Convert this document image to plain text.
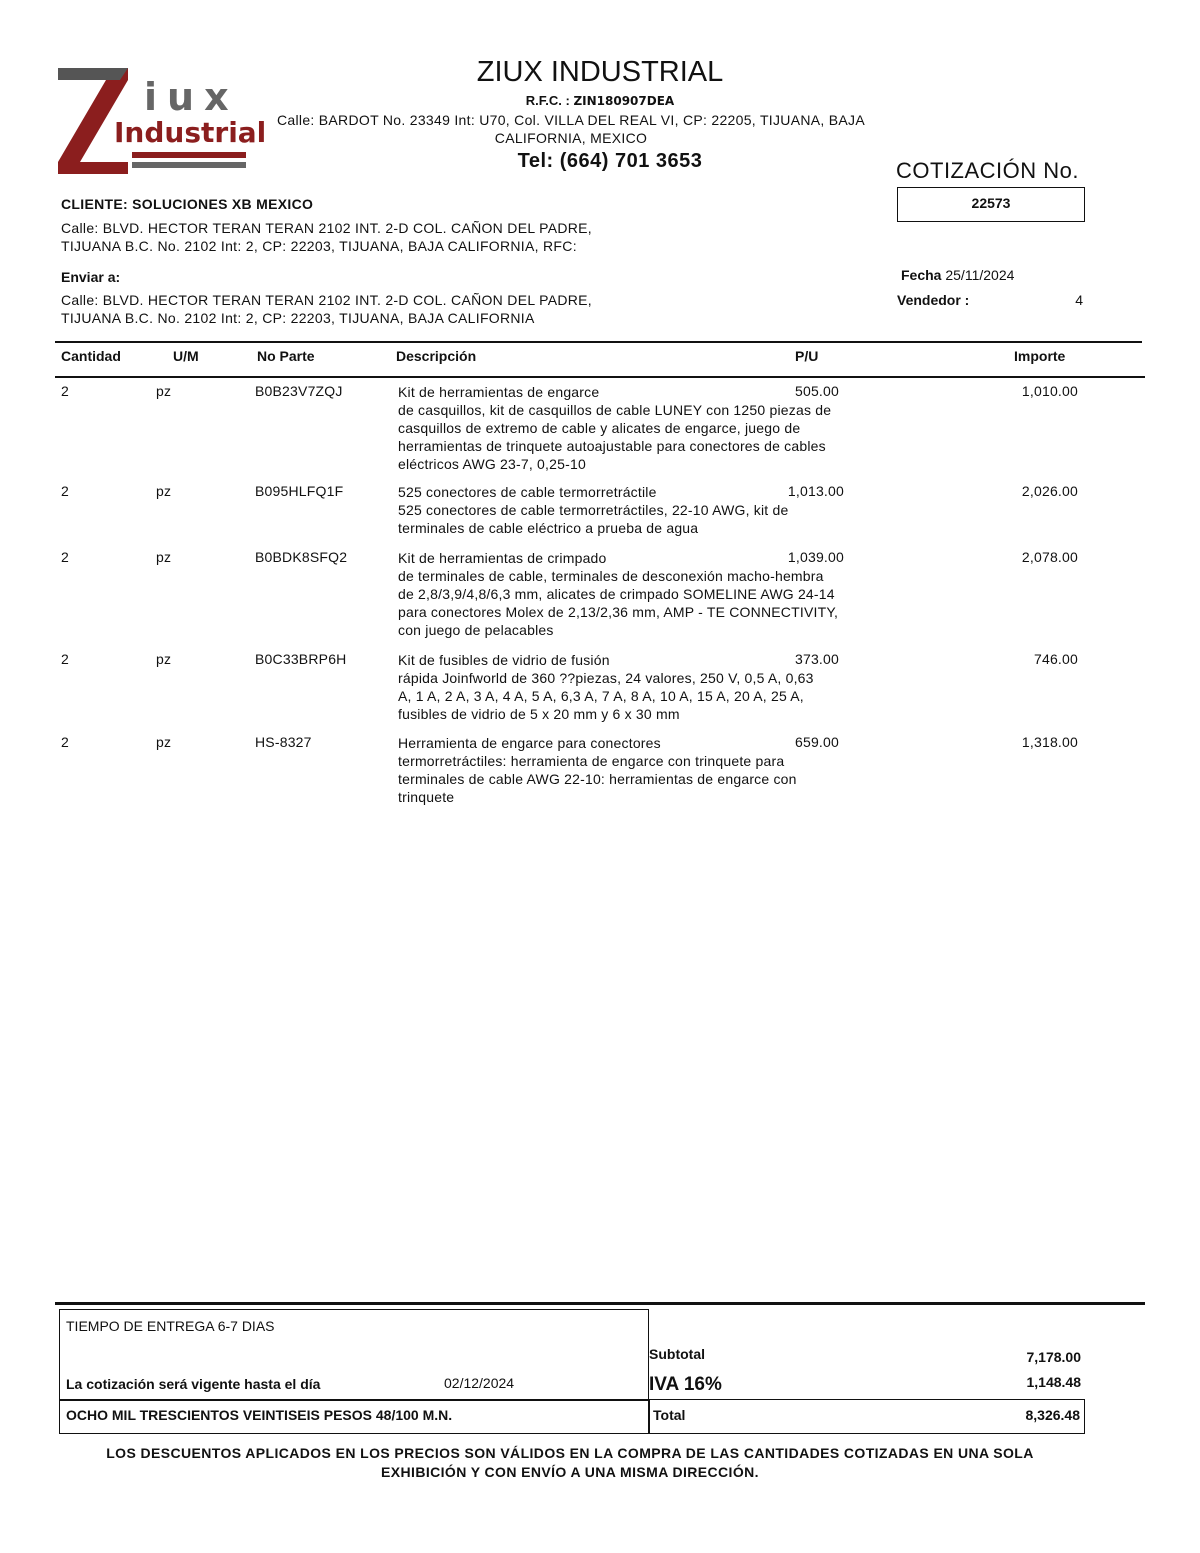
iux
Industrial
ZIUX INDUSTRIAL
R.F.C. : ZIN180907DEA
Calle: BARDOT No. 23349 Int: U70, Col. VILLA DEL REAL VI, CP: 22205, TIJUANA, BAJA
CALIFORNIA, MEXICO
Tel: (664) 701 3653	COTIZACIÓN No.
22573
CLIENTE: SOLUCIONES XB MEXICO
Calle: BLVD. HECTOR TERAN TERAN 2102 INT. 2-D COL. CAÑON DEL PADRE,
TIJUANA B.C. No. 2102 Int: 2, CP: 22203, TIJUANA, BAJA CALIFORNIA, RFC:
Enviar a:
Calle: BLVD. HECTOR TERAN TERAN 2102 INT. 2-D COL. CAÑON DEL PADRE,
TIJUANA B.C. No. 2102 Int: 2, CP: 22203, TIJUANA, BAJA CALIFORNIA
Fecha 25/11/2024
Vendedor :	4
Cantidad	U/M	No Parte	Descripción	P/U	Importe
2	pz	B0B23V7ZQJ	Kit de herramientas de engarce
de casquillos, kit de casquillos de cable LUNEY con 1250 piezas de
casquillos de extremo de cable y alicates de engarce, juego de
herramientas de trinquete autoajustable para conectores de cables
eléctricos AWG 23-7, 0,25-10
505.00	1,010.00
2	pz	B095HLFQ1F	525 conectores de cable termorretráctile
525 conectores de cable termorretráctiles, 22-10 AWG, kit de
terminales de cable eléctrico a prueba de agua
1,013.00	2,026.00
2	pz	B0BDK8SFQ2	Kit de herramientas de crimpado
de terminales de cable, terminales de desconexión macho-hembra
de 2,8/3,9/4,8/6,3 mm, alicates de crimpado SOMELINE AWG 24-14
para conectores Molex de 2,13/2,36 mm, AMP - TE CONNECTIVITY,
con juego de pelacables
1,039.00	2,078.00
2	pz	B0C33BRP6H	Kit de fusibles de vidrio de fusión
rápida Joinfworld de 360 ??piezas, 24 valores, 250 V, 0,5 A, 0,63
A, 1 A, 2 A, 3 A, 4 A, 5 A, 6,3 A, 7 A, 8 A, 10 A, 15 A, 20 A, 25 A,
fusibles de vidrio de 5 x 20 mm y 6 x 30 mm
373.00	746.00
2	pz	HS-8327	Herramienta de engarce para conectores
termorretráctiles: herramienta de engarce con trinquete para
terminales de cable AWG 22-10: herramientas de engarce con
trinquete
659.00	1,318.00
TIEMPO DE ENTREGA 6-7 DIAS
La cotización será vigente hasta el día	02/12/2024
OCHO MIL TRESCIENTOS VEINTISEIS PESOS 48/100 M.N.
Subtotal	7,178.00
IVA 16%	1,148.48
Total	8,326.48
LOS DESCUENTOS APLICADOS EN LOS PRECIOS SON VÁLIDOS EN LA COMPRA DE LAS CANTIDADES COTIZADAS EN UNA SOLA
EXHIBICIÓN Y CON ENVÍO A UNA MISMA DIRECCIÓN.
